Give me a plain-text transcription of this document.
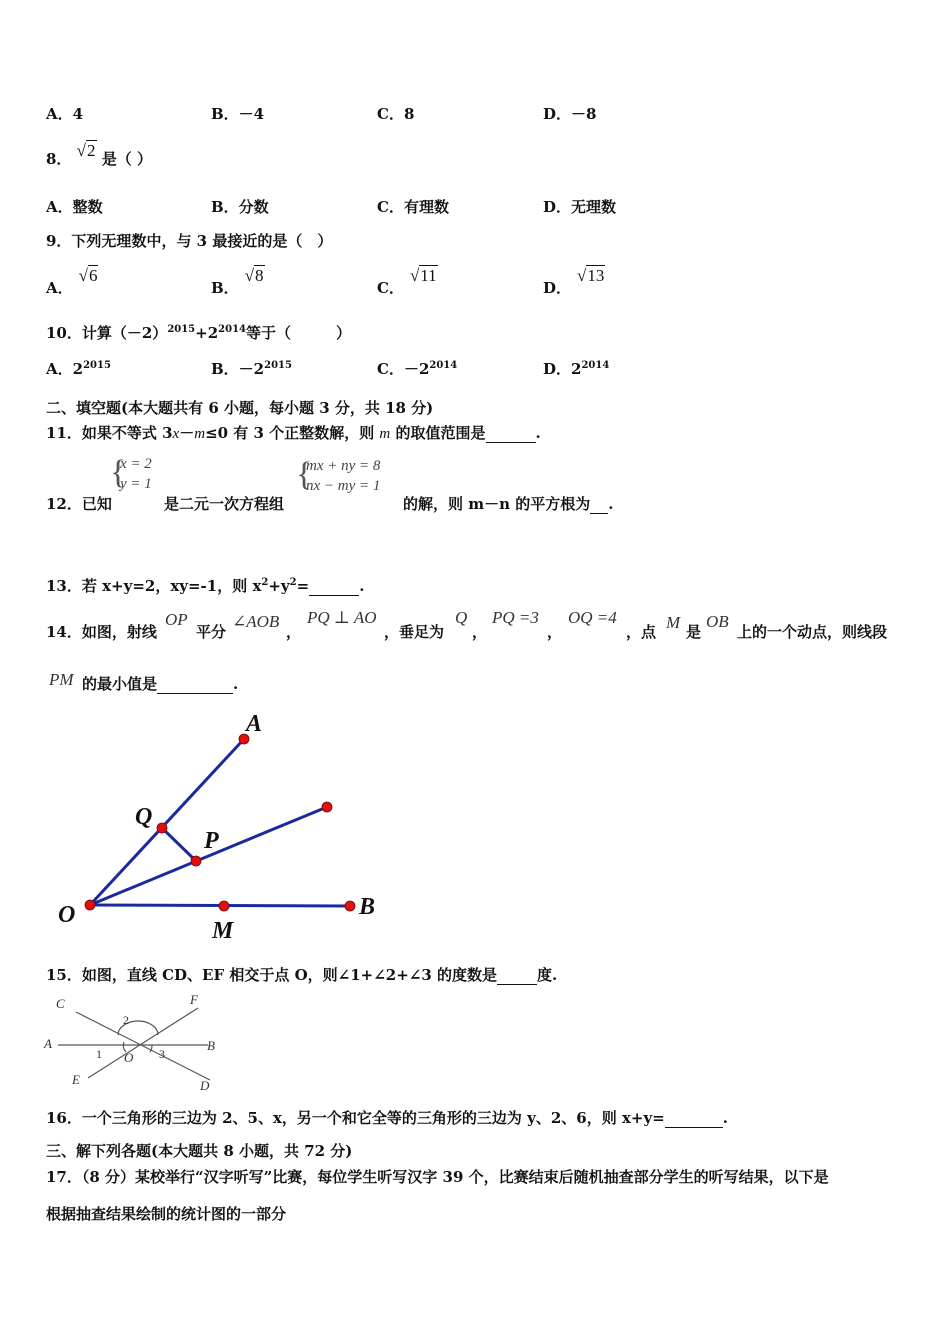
A．4	B．－4	C．8	D．－8
8． √2 是（ ）
A．整数	B．分数	C．有理数	D．无理数
9．下列无理数中，与 3 最接近的是（　）
A．√6
B．√8
C．√11
D．√13
10．计算$(-2)^{2015}+2^{2014}$等于（　　　）
A．$2^{2015}$	B．$-2^{2015}$	C．$-2^{2014}$	D．$2^{2014}$
二、填空题(本大题共有 6 小题，每小题 3 分，共 18 分)
11．如果不等式 3x－m≤0 有 3 个正整数解，则 m 的取值范围是	.
{
x = 2
y = 1	{
mx + ny = 8
nx − my = 1
12．已知	是二元一次方程组	的解，则 m－n 的平方根为 .
13．若 x+y=2，xy=-1，则 $x^2+y^2=$	.
14．如图，射线
OP
平分
∠AOB
，
PQ ⊥ AO
，垂足为
Q
，
PQ =3
，
OQ =4
，点 M 是
OB
上的一个动点，则线段
PM 的最小值是	.
A
Q
P
O
M
B
15．如图，直线 CD、EF 相交于点 O，则∠1+∠2+∠3 的度数是	度.
C	F
A	B
E	D
O
1
2
3
16．一个三角形的三边为 2、5、x，另一个和它全等的三角形的三边为 y、2、6，则 x+y=	.
三、解下列各题(本大题共 8 小题，共 72 分)
17．（8 分）某校举行“汉字听写”比赛，每位学生听写汉字 39 个，比赛结束后随机抽查部分学生的听写结果，以下是
根据抽查结果绘制的统计图的一部分
